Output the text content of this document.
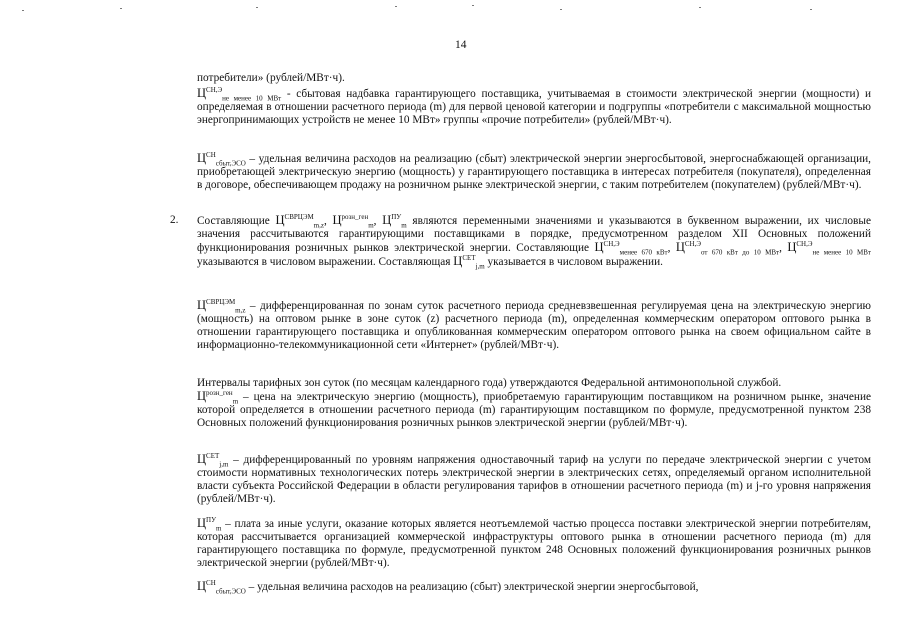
14
потребители» (рублей/МВт·ч).
$Ц^{СН,Э}_{не менее 10 МВт}$ - сбытовая надбавка гарантирующего поставщика, учитываемая в стоимости электрической энергии (мощности) и определяемая в отношении расчетного периода (m) для первой ценовой категории и подгруппы «потребители с максимальной мощностью энергопринимающих устройств не менее 10 МВт» группы «прочие потребители» (рублей/МВт·ч).
$Ц^{СН}_{сбыт,ЭСО}$ – удельная величина расходов на реализацию (сбыт) электрической энергии энергосбытовой, энергоснабжающей организации, приобретающей электрическую энергию (мощность) у гарантирующего поставщика в интересах потребителя (покупателя), определенная в договоре, обеспечивающем продажу на розничном рынке электрической энергии, с таким потребителем (покупателем) (рублей/МВт·ч).
2. Составляющие $Ц^{СВРЦЭМ}_{m,z}$, $Ц^{розн\_ген}_m$, $Ц^{ПУ}_m$ являются переменными значениями и указываются в буквенном выражении, их числовые значения рассчитываются гарантирующими поставщиками в порядке, предусмотренном разделом XII Основных положений функционирования розничных рынков электрической энергии. Составляющие $Ц^{СН,Э}_{менее 670 кВт}$, $Ц^{СН,Э}_{от 670 кВт до 10 МВт}$, $Ц^{СН,Э}_{не менее 10 МВт}$ указываются в числовом выражении. Составляющая $Ц^{СЕТ}_{j,m}$ указывается в числовом выражении.
$Ц^{СВРЦЭМ}_{m,z}$ – дифференцированная по зонам суток расчетного периода средневзвешенная регулируемая цена на электрическую энергию (мощность) на оптовом рынке в зоне суток (z) расчетного периода (m), определенная коммерческим оператором оптового рынка в отношении гарантирующего поставщика и опубликованная коммерческим оператором оптового рынка на своем официальном сайте в информационно-телекоммуникационной сети «Интернет» (рублей/МВт·ч).
Интервалы тарифных зон суток (по месяцам календарного года) утверждаются Федеральной антимонопольной службой.
$Ц^{розн\_ген}_m$ – цена на электрическую энергию (мощность), приобретаемую гарантирующим поставщиком на розничном рынке, значение которой определяется в отношении расчетного периода (m) гарантирующим поставщиком по формуле, предусмотренной пунктом 238 Основных положений функционирования розничных рынков электрической энергии (рублей/МВт·ч).
$Ц^{СЕТ}_{j,m}$ – дифференцированный по уровням напряжения одноставочный тариф на услуги по передаче электрической энергии с учетом стоимости нормативных технологических потерь электрической энергии в электрических сетях, определяемый органом исполнительной власти субъекта Российской Федерации в области регулирования тарифов в отношении расчетного периода (m) и j-го уровня напряжения (рублей/МВт·ч).
$Ц^{ПУ}_m$ – плата за иные услуги, оказание которых является неотъемлемой частью процесса поставки электрической энергии потребителям, которая рассчитывается организацией коммерческой инфраструктуры оптового рынка в отношении расчетного периода (m) для гарантирующего поставщика по формуле, предусмотренной пунктом 248 Основных положений функционирования розничных рынков электрической энергии (рублей/МВт·ч).
$Ц^{СН}_{сбыт,ЭСО}$ – удельная величина расходов на реализацию (сбыт) электрической энергии энергосбытовой,
